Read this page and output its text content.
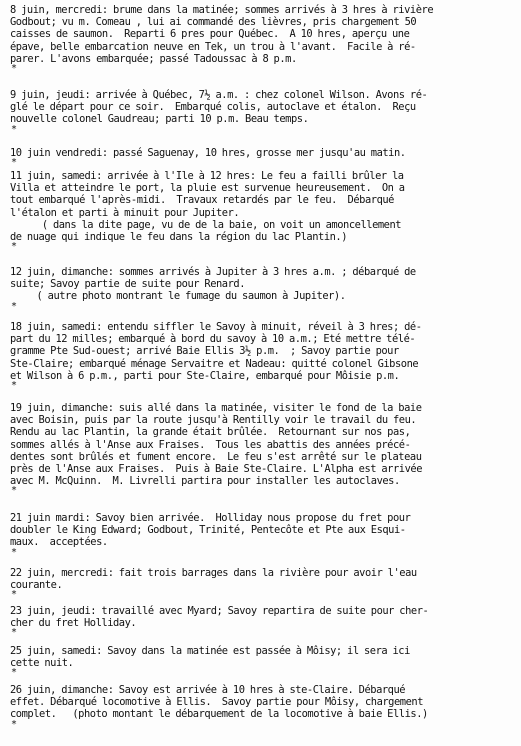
8 juin, mercredi: brume dans la matinée; sommes arrivés à 3 hres à rivière
Godbout; vu m. Comeau , lui ai commandé des lièvres, pris chargement 50
caisses de saumon.  Reparti 6 pres pour Québec.  A 10 hres, aperçu une
épave, belle embarcation neuve en Tek, un trou à l'avant.  Facile à ré-
parer. L'avons embarquée; passé Tadoussac à 8 p.m.
*
9 juin, jeudi: arrivée à Québec, 7½ a.m. : chez colonel Wilson. Avons ré-
glé le départ pour ce soir.  Embarqué colis, autoclave et étalon.  Reçu
nouvelle colonel Gaudreau; parti 10 p.m. Beau temps.
*
10 juin vendredi: passé Saguenay, 10 hres, grosse mer jusqu'au matin.
*
11 juin, samedi: arrivée à l'Ile à 12 hres: Le feu a failli brûler la
Villa et atteindre le port, la pluie est survenue heureusement.  On a
tout embarqué l'après-midi.  Travaux retardés par le feu.  Débarqué
l'étalon et parti à minuit pour Jupiter.
( dans la dite page, vu de de la baie, on voit un amoncellement
de nuage qui indique le feu dans la région du lac Plantin.)
*
12 juin, dimanche: sommes arrivés à Jupiter à 3 hres a.m. ; débarqué de
suite; Savoy partie de suite pour Renard.
( autre photo montrant le fumage du saumon à Jupiter).
*
18 juin, samedi: entendu siffler le Savoy à minuit, réveil à 3 hres; dé-
part du 12 milles; embarqué à bord du savoy à 10 a.m.; Eté mettre télé-
gramme Pte Sud-ouest; arrivé Baie Ellis 3½ p.m.  ; Savoy partie pour
Ste-Claire; embarqué ménage Servaitre et Nadeau: quitté colonel Gibsone
et Wilson à 6 p.m., parti pour Ste-Claire, embarqué pour Môisie p.m.
*
19 juin, dimanche: suis allé dans la matinée, visiter le fond de la baie
avec Boisin, puis par la route jusqu'à Rentilly voir le travail du feu.
Rendu au lac Plantin, la grande était brûlée.  Retournant sur nos pas,
sommes allés à l'Anse aux Fraises.  Tous les abattis des années précé-
dentes sont brûlés et fument encore.  Le feu s'est arrêté sur le plateau
près de l'Anse aux Fraises.  Puis à Baie Ste-Claire. L'Alpha est arrivée
avec M. McQuinn.  M. Livrelli partira pour installer les autoclaves.
*
21 juin mardi: Savoy bien arrivée.  Holliday nous propose du fret pour
doubler le King Edward; Godbout, Trinité, Pentecôte et Pte aux Esqui-
maux.  acceptées.
*
22 juin, mercredi: fait trois barrages dans la rivière pour avoir l'eau
courante.
*
23 juin, jeudi: travaillé avec Myard; Savoy repartira de suite pour cher-
cher du fret Holliday.
*
25 juin, samedi: Savoy dans la matinée est passée à Môisy; il sera ici
cette nuit.
*
26 juin, dimanche: Savoy est arrivée à 10 hres à ste-Claire. Débarqué
effet. Débarqué locomotive à Ellis.  Savoy partie pour Môisy, chargement
complet.   (photo montant le débarquement de la locomotive à baie Ellis.)
*
